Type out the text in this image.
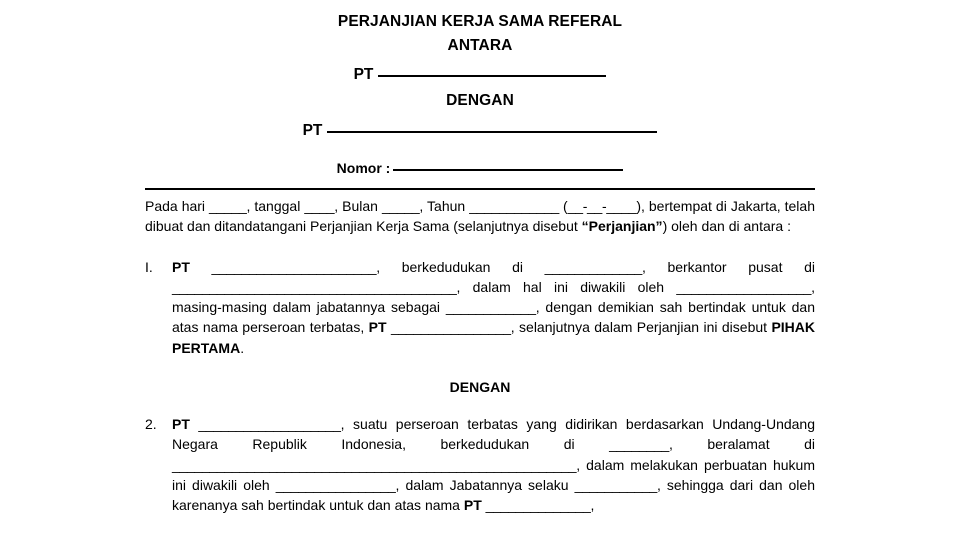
PERJANJIAN KERJA SAMA REFERAL
ANTARA
PT
DENGAN
PT
Nomor :
Pada hari _____, tanggal ____, Bulan _____, Tahun ____________ (__-__-____), bertempat di Jakarta, telah dibuat dan ditandatangani Perjanjian Kerja Sama (selanjutnya disebut “Perjanjian”) oleh dan di antara :
I. PT ______________________, berkedudukan di _____________, berkantor pusat di ______________________________________, dalam hal ini diwakili oleh __________________, masing-masing dalam jabatannya sebagai ____________, dengan demikian sah bertindak untuk dan atas nama perseroan terbatas, PT ________________, selanjutnya dalam Perjanjian ini disebut PIHAK PERTAMA.
DENGAN
2. PT ___________________, suatu perseroan terbatas yang didirikan berdasarkan Undang-Undang Negara Republik Indonesia, berkedudukan di ________, beralamat di ______________________________________________________, dalam melakukan perbuatan hukum ini diwakili oleh ________________, dalam Jabatannya selaku ___________, sehingga dari dan oleh karenanya sah bertindak untuk dan atas nama PT ______________,
